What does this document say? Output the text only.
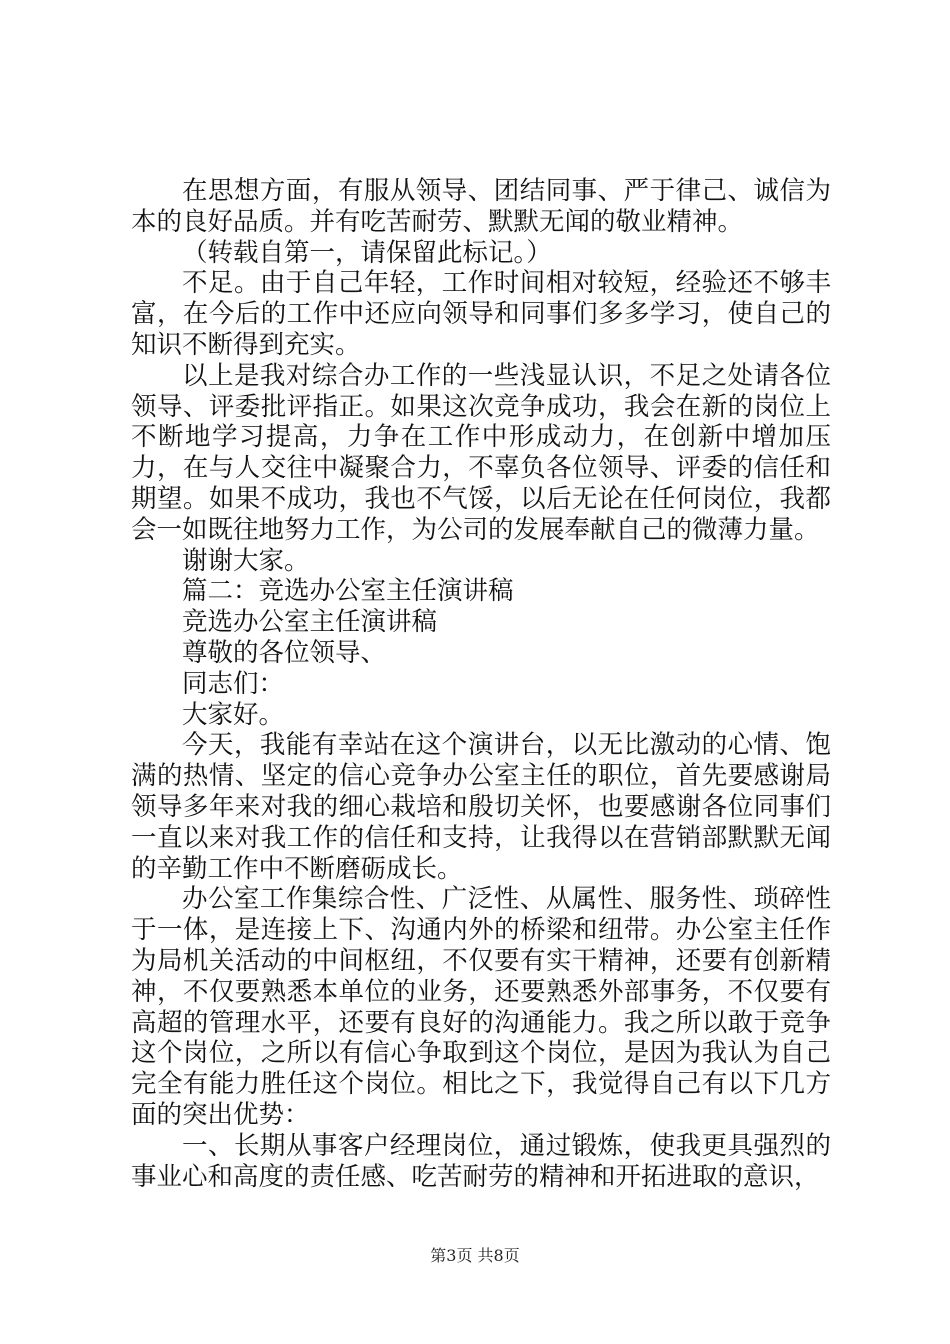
在思想方面，有服从领导、团结同事、严于律己、诚信为本的良好品质。并有吃苦耐劳、默默无闻的敬业精神。

（转载自第一，请保留此标记。）

不足。由于自己年轻，工作时间相对较短，经验还不够丰富，在今后的工作中还应向领导和同事们多多学习，使自己的知识不断得到充实。

以上是我对综合办工作的一些浅显认识，不足之处请各位领导、评委批评指正。如果这次竞争成功，我会在新的岗位上不断地学习提高，力争在工作中形成动力，在创新中增加压力，在与人交往中凝聚合力，不辜负各位领导、评委的信任和期望。如果不成功，我也不气馁，以后无论在任何岗位，我都会一如既往地努力工作，为公司的发展奉献自己的微薄力量。

谢谢大家。

篇二：竞选办公室主任演讲稿

竞选办公室主任演讲稿

尊敬的各位领导、

同志们：

大家好。

今天，我能有幸站在这个演讲台，以无比激动的心情、饱满的热情、坚定的信心竞争办公室主任的职位，首先要感谢局领导多年来对我的细心栽培和殷切关怀，也要感谢各位同事们一直以来对我工作的信任和支持，让我得以在营销部默默无闻的辛勤工作中不断磨砺成长。

办公室工作集综合性、广泛性、从属性、服务性、琐碎性于一体，是连接上下、沟通内外的桥梁和纽带。办公室主任作为局机关活动的中间枢纽，不仅要有实干精神，还要有创新精神，不仅要熟悉本单位的业务，还要熟悉外部事务，不仅要有高超的管理水平，还要有良好的沟通能力。我之所以敢于竞争这个岗位，之所以有信心争取到这个岗位，是因为我认为自己完全有能力胜任这个岗位。相比之下，我觉得自己有以下几方面的突出优势：

一、长期从事客户经理岗位，通过锻炼，使我更具强烈的事业心和高度的责任感、吃苦耐劳的精神和开拓进取的意识，

第3页 共8页
